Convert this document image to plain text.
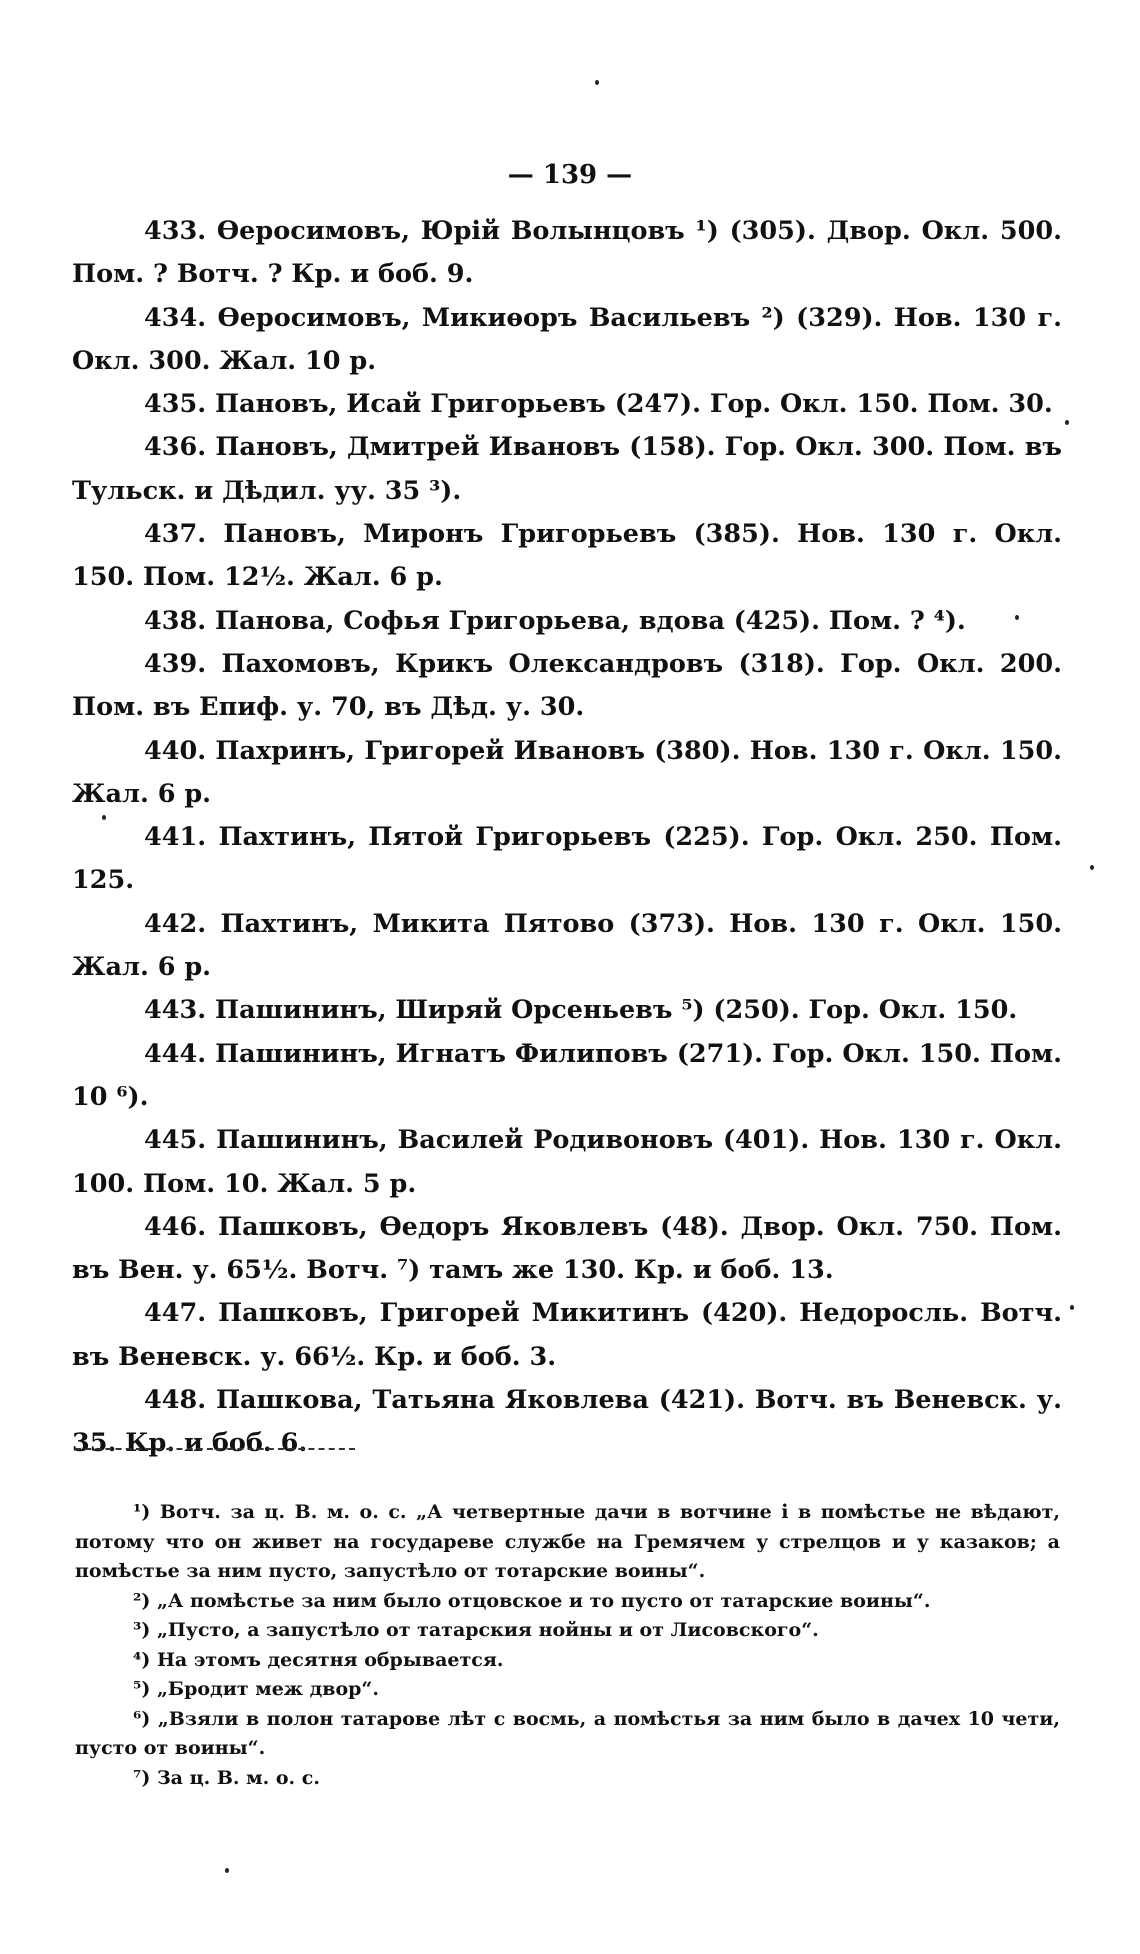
— 139 —

433. Өеросимовъ, Юрій Волынцовъ ¹) (305). Двор. Окл. 500. Пом. ? Вотч. ? Кр. и боб. 9.

434. Өеросимовъ, Микиѳоръ Васильевъ ²) (329). Нов. 130 г. Окл. 300. Жал. 10 р.

435. Пановъ, Исай Григорьевъ (247). Гор. Окл. 150. Пом. 30.

436. Пановъ, Дмитрей Ивановъ (158). Гор. Окл. 300. Пом. въ Тульск. и Дѣдил. уу. 35 ³).

437. Пановъ, Миронъ Григорьевъ (385). Нов. 130 г. Окл. 150. Пом. 12½. Жал. 6 р.

438. Панова, Софья Григорьева, вдова (425). Пом. ? ⁴).

439. Пахомовъ, Крикъ Олександровъ (318). Гор. Окл. 200. Пом. въ Епиф. у. 70, въ Дѣд. у. 30.

440. Пахринъ, Григорей Ивановъ (380). Нов. 130 г. Окл. 150. Жал. 6 р.

441. Пахтинъ, Пятой Григорьевъ (225). Гор. Окл. 250. Пом. 125.

442. Пахтинъ, Микита Пятово (373). Нов. 130 г. Окл. 150. Жал. 6 р.

443. Пашининъ, Ширяй Орсеньевъ ⁵) (250). Гор. Окл. 150.

444. Пашининъ, Игнатъ Филиповъ (271). Гор. Окл. 150. Пом. 10 ⁶).

445. Пашининъ, Василей Родивоновъ (401). Нов. 130 г. Окл. 100. Пом. 10. Жал. 5 р.

446. Пашковъ, Өедоръ Яковлевъ (48). Двор. Окл. 750. Пом. въ Вен. у. 65½. Вотч. ⁷) тамъ же 130. Кр. и боб. 13.

447. Пашковъ, Григорей Микитинъ (420). Недоросль. Вотч. въ Веневск. у. 66½. Кр. и боб. 3.

448. Пашкова, Татьяна Яковлева (421). Вотч. въ Веневск. у. 35. Кр. и боб. 6.

¹) Вотч. за ц. В. м. о. с. „А четвертные дачи в вотчине і в помѣстье не вѣдают, потому что он живет на государеве службе на Гремячем у стрелцов и у казаков; а помѣстье за ним пусто, запустѣло от тотарские воины“.

²) „А помѣстье за ним было отцовское и то пусто от татарские воины“.

³) „Пусто, а запустѣло от татарския нойны и от Лисовского“.

⁴) На этомъ десятня обрывается.

⁵) „Бродит меж двор“.

⁶) „Взяли в полон татарове лѣт с восмь, а помѣстья за ним было в дачех 10 чети, пусто от воины“.

⁷) За ц. В. м. о. с.
